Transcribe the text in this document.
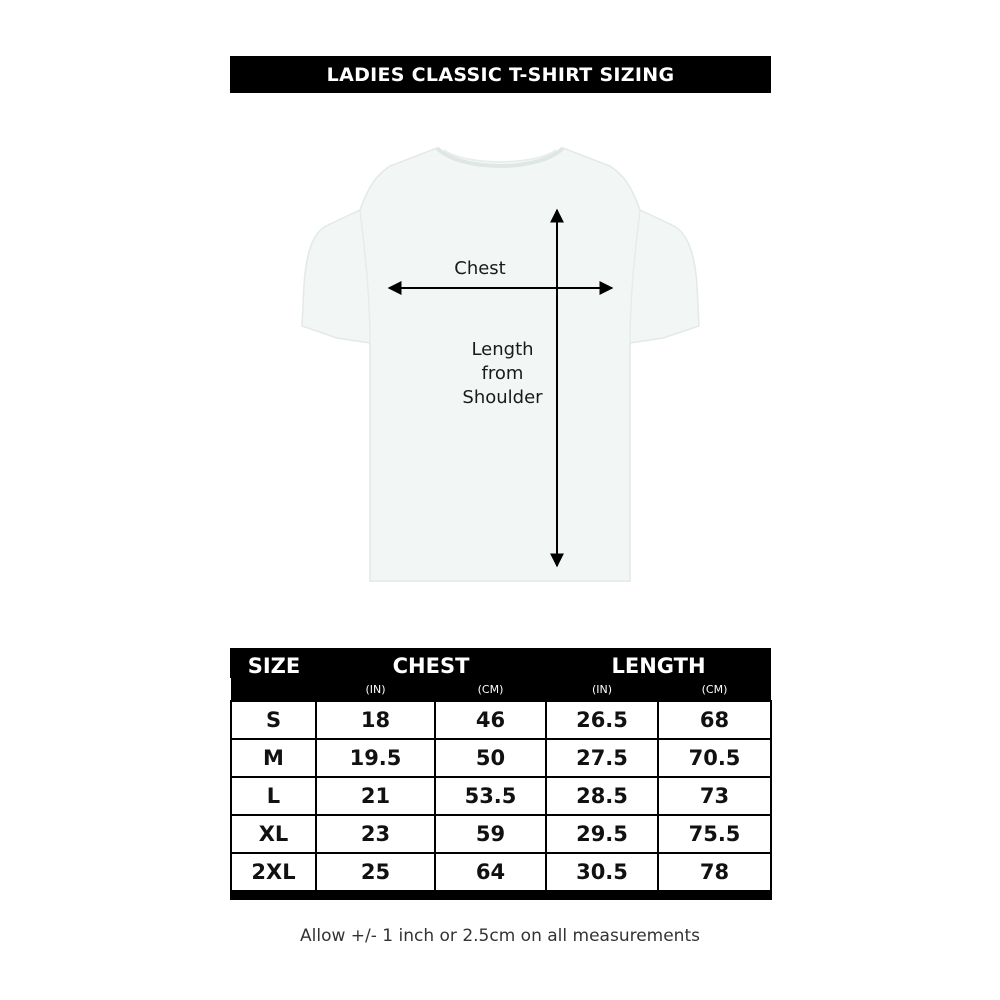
LADIES CLASSIC T-SHIRT SIZING
Chest
Length
from
Shoulder
SIZE	CHEST		LENGTH	
	(IN)	(CM)	(IN)	(CM)
S	18	46	26.5	68
M	19.5	50	27.5	70.5
L	21	53.5	28.5	73
XL	23	59	29.5	75.5
2XL	25	64	30.5	78
Allow +/- 1 inch or 2.5cm on all measurements
